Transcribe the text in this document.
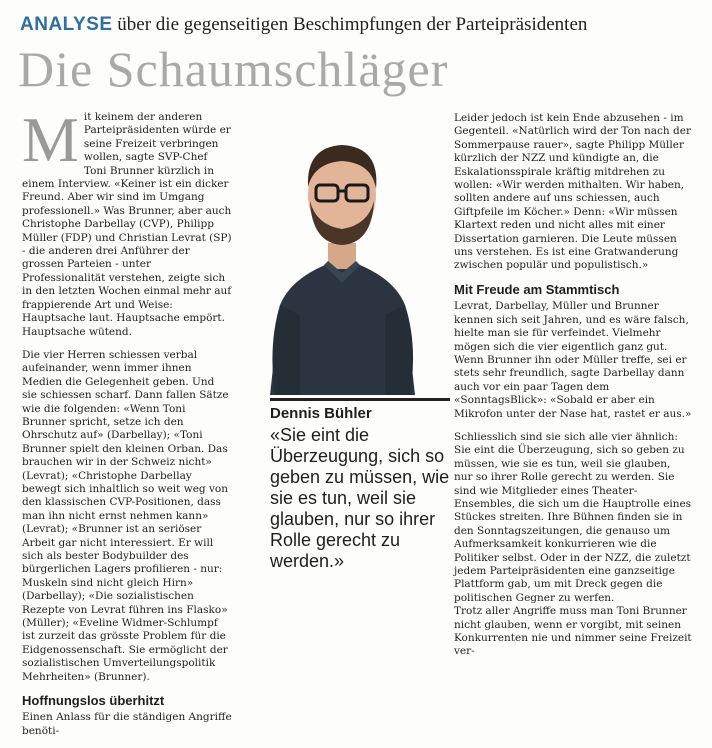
ANALYSE über die gegenseitigen Beschimpfungen der Parteipräsidenten
Die Schaumschläger

Mit keinem der anderen Parteipräsidenten würde er seine Freizeit verbringen wollen, sagte SVP-Chef Toni Brunner kürzlich in einem Interview. «Keiner ist ein dicker Freund. Aber wir sind im Umgang professionell.» Was Brunner, aber auch Christophe Darbellay (CVP), Philipp Müller (FDP) und Christian Levrat (SP) - die anderen drei Anführer der grossen Parteien - unter Professionalität verstehen, zeigte sich in den letzten Wochen einmal mehr auf frappierende Art und Weise: Hauptsache laut. Hauptsache empört. Hauptsache wütend.

Die vier Herren schiessen verbal aufeinander, wenn immer ihnen Medien die Gelegenheit geben. Und sie schiessen scharf. Dann fallen Sätze wie die folgenden: «Wenn Toni Brunner spricht, setze ich den Ohrschutz auf» (Darbellay); «Toni Brunner spielt den kleinen Orban. Das brauchen wir in der Schweiz nicht» (Levrat); «Christophe Darbellay bewegt sich inhaltlich so weit weg von den klassischen CVP-Positionen, dass man ihn nicht ernst nehmen kann» (Levrat); «Brunner ist an seriöser Arbeit gar nicht interessiert. Er will sich als bester Bodybuilder des bürgerlichen Lagers profilieren - nur: Muskeln sind nicht gleich Hirn» (Darbellay); «Die sozialistischen Rezepte von Levrat führen ins Flasko» (Müller); «Eveline Widmer-Schlumpf ist zurzeit das grösste Problem für die Eidgenossenschaft. Sie ermöglicht der sozialistischen Umverteilungspolitik Mehrheiten» (Brunner).

Hoffnungslos überhitzt

Einen Anlass für die ständigen Angriffe benöti-

Dennis Bühler
«Sie eint die Überzeugung, sich so geben zu müssen, wie sie es tun, weil sie glauben, nur so ihrer Rolle gerecht zu werden.»

Leider jedoch ist kein Ende abzusehen - im Gegenteil. «Natürlich wird der Ton nach der Sommerpause rauer», sagte Philipp Müller kürzlich der NZZ und kündigte an, die Eskalationsspirale kräftig mitdrehen zu wollen: «Wir werden mithalten. Wir haben, sollten andere auf uns schiessen, auch Giftpfeile im Köcher.» Denn: «Wir müssen Klartext reden und nicht alles mit einer Dissertation garnieren. Die Leute müssen uns verstehen. Es ist eine Gratwanderung zwischen populär und populistisch.»

Mit Freude am Stammtisch

Levrat, Darbellay, Müller und Brunner kennen sich seit Jahren, und es wäre falsch, hielte man sie für verfeindet. Vielmehr mögen sich die vier eigentlich ganz gut. Wenn Brunner ihn oder Müller treffe, sei er stets sehr freundlich, sagte Darbellay dann auch vor ein paar Tagen dem «SonntagsBlick»: «Sobald er aber ein Mikrofon unter der Nase hat, rastet er aus.»

Schliesslich sind sie sich alle vier ähnlich: Sie eint die Überzeugung, sich so geben zu müssen, wie sie es tun, weil sie glauben, nur so ihrer Rolle gerecht zu werden. Sie sind wie Mitglieder eines Theater-Ensembles, die sich um die Hauptrolle eines Stückes streiten. Ihre Bühnen finden sie in den Sonntagszeitungen, die genauso um Aufmerksamkeit konkurrieren wie die Politiker selbst. Oder in der NZZ, die zuletzt jedem Parteipräsidenten eine ganzseitige Plattform gab, um mit Dreck gegen die politischen Gegner zu werfen.

Trotz aller Angriffe muss man Toni Brunner nicht glauben, wenn er vorgibt, mit seinen Konkurrenten nie und nimmer seine Freizeit ver-
